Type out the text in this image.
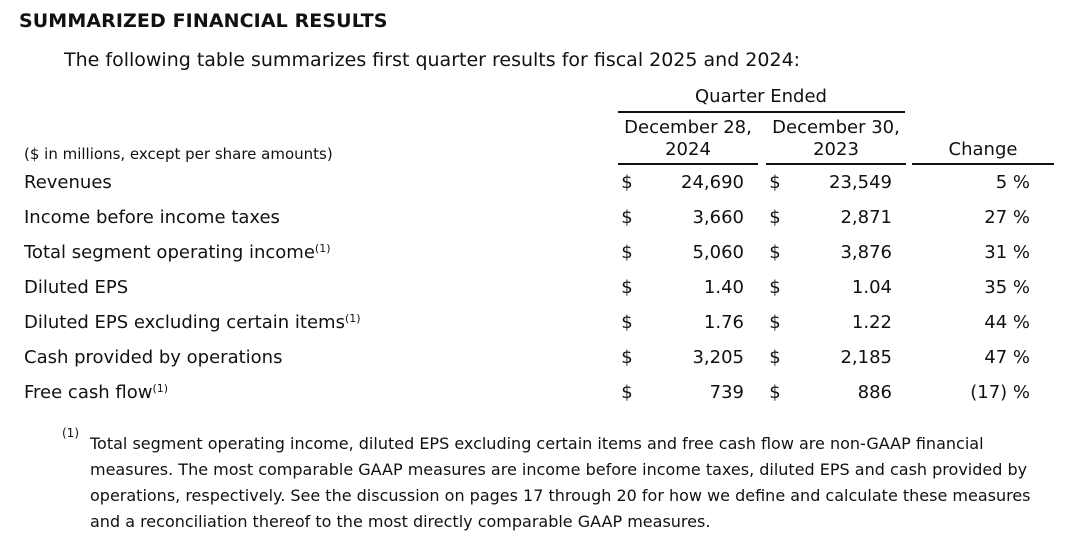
SUMMARIZED FINANCIAL RESULTS
The following table summarizes first quarter results for fiscal 2025 and 2024:
Quarter Ended
December 28,
2024
December 30,
2023	Change
($ in millions, except per share amounts)
Revenues	$	24,690 $	23,549	5 %
Income before income taxes	$	3,660 $	2,871	27 %
Total segment operating income$^{(1)}$	$	5,060 $	3,876	31 %
Diluted EPS	$	1.40 $	1.04	35 %
Diluted EPS excluding certain items$^{(1)}$	$	1.76 $	1.22	44 %
Cash provided by operations	$	3,205 $	2,185	47 %
Free cash flow$^{(1)}$	$	739 $	886	(17) %
(1)
Total segment operating income, diluted EPS excluding certain items and free cash flow are non-GAAP financial measures. The most comparable GAAP measures are income before income taxes, diluted EPS and cash provided by operations, respectively. See the discussion on pages 17 through 20 for how we define and calculate these measures and a reconciliation thereof to the most directly comparable GAAP measures.
